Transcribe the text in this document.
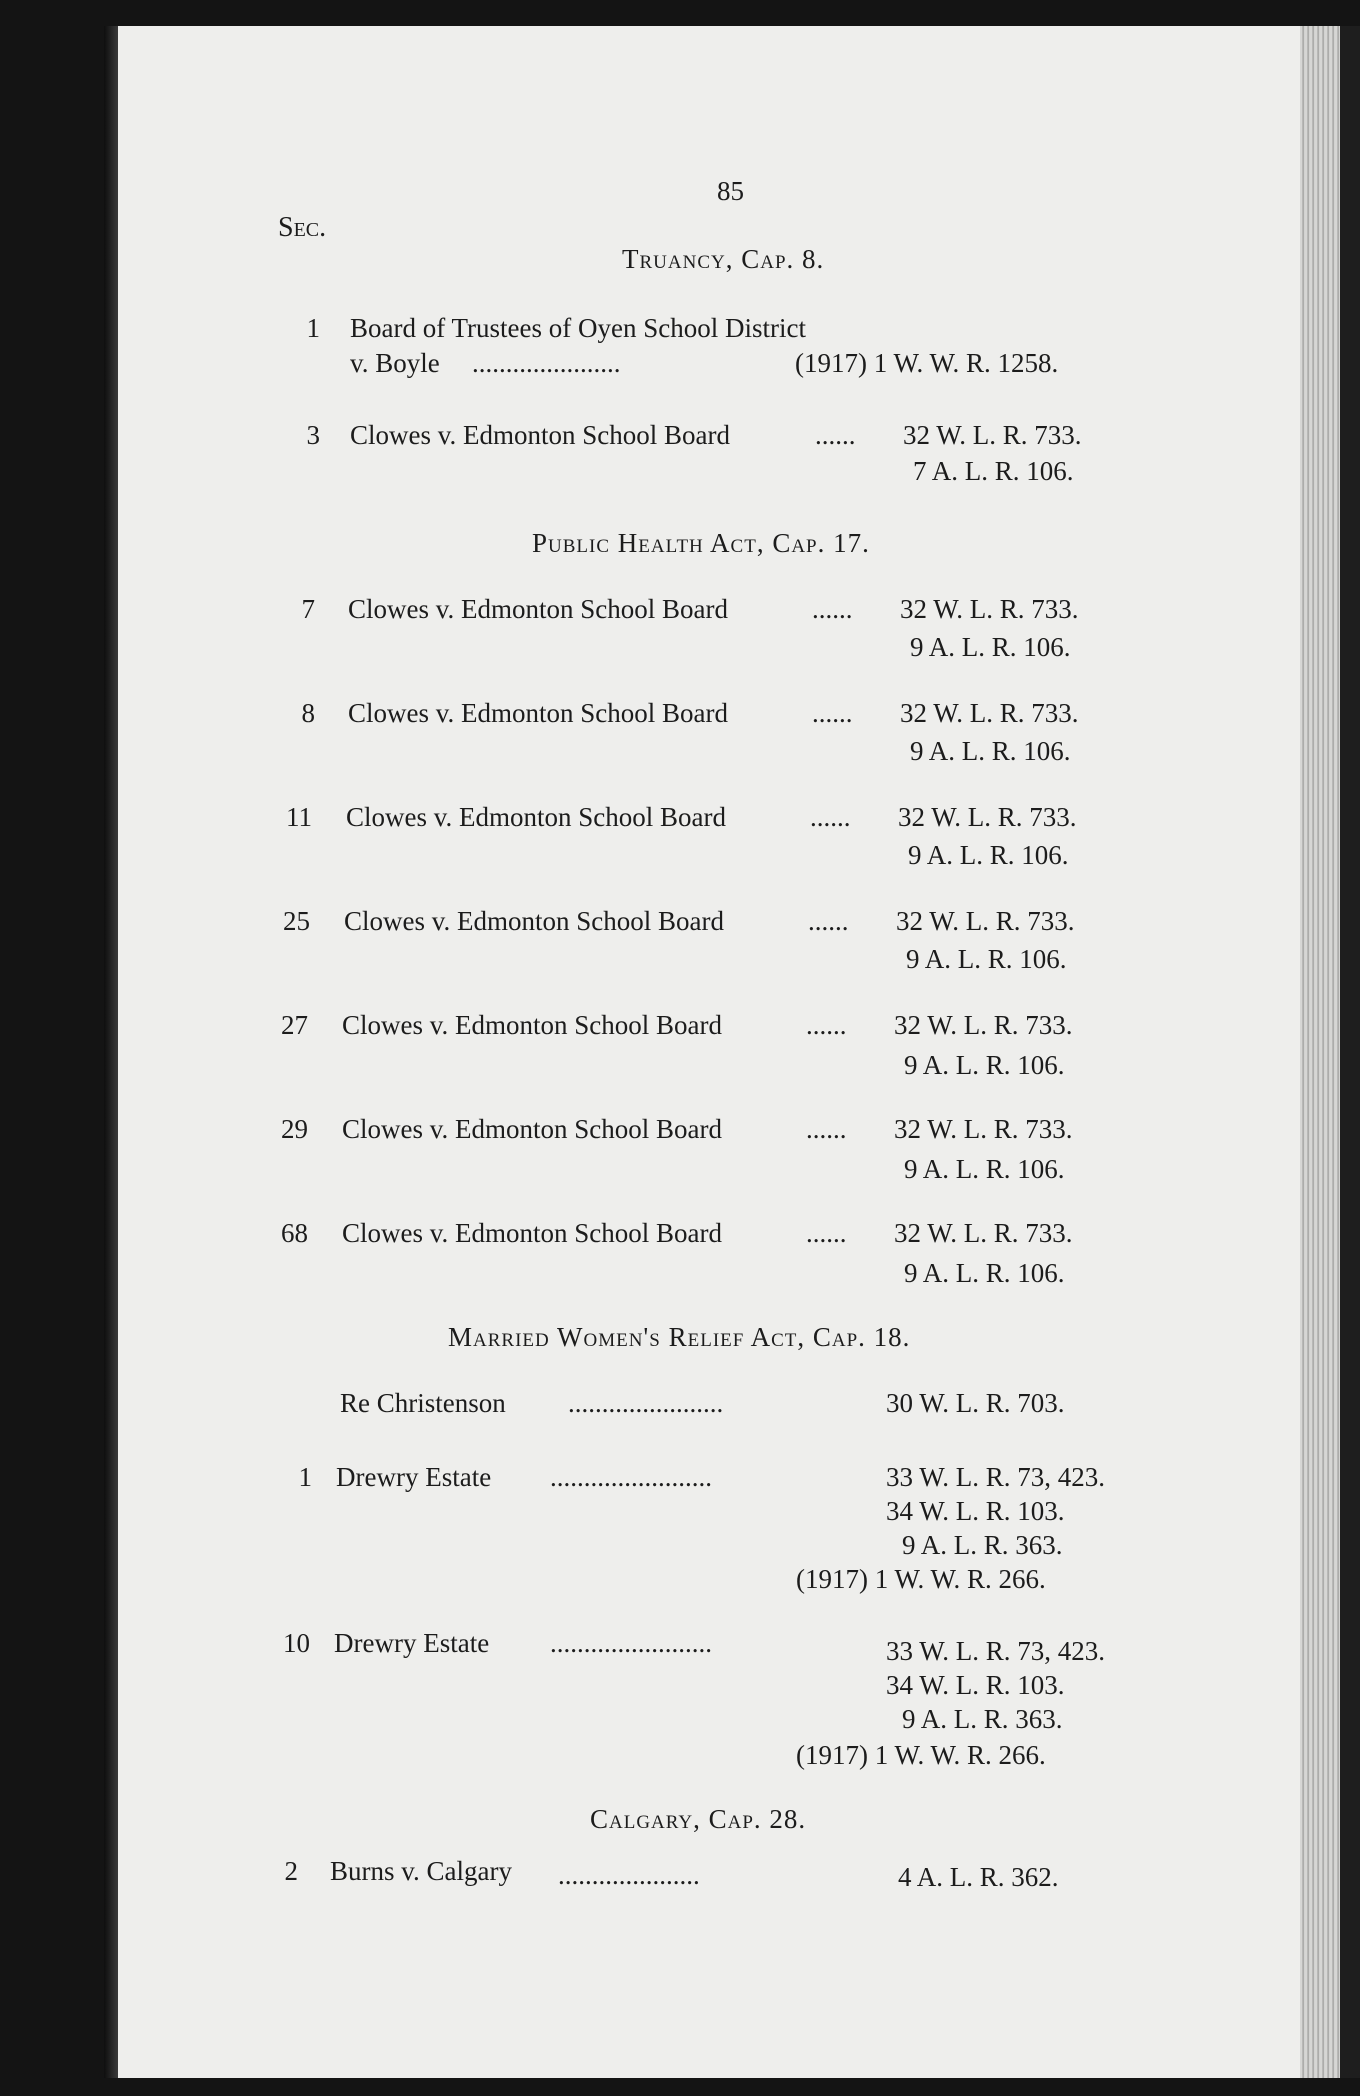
85
Sec.
Truancy, Cap. 8.
1 Board of Trustees of Oyen School District
v. Boyle ......................	(1917) 1 W. W. R. 1258.
3 Clowes v. Edmonton School Board	...... 32 W. L. R. 733.
7 A. L. R. 106.
Public Health Act, Cap. 17.
7 Clowes v. Edmonton School Board	...... 32 W. L. R. 733.
9 A. L. R. 106.
8 Clowes v. Edmonton School Board	...... 32 W. L. R. 733.
9 A. L. R. 106.
11 Clowes v. Edmonton School Board	...... 32 W. L. R. 733.
9 A. L. R. 106.
25 Clowes v. Edmonton School Board	...... 32 W. L. R. 733.
9 A. L. R. 106.
27 Clowes v. Edmonton School Board	...... 32 W. L. R. 733.
9 A. L. R. 106.
29 Clowes v. Edmonton School Board	...... 32 W. L. R. 733.
9 A. L. R. 106.
68 Clowes v. Edmonton School Board	...... 32 W. L. R. 733.
9 A. L. R. 106.
Married Women's Relief Act, Cap. 18.
Re Christenson .......................	30 W. L. R. 703.
1 Drewry Estate ........................	33 W. L. R. 73, 423.
34 W. L. R. 103.
9 A. L. R. 363.
(1917) 1 W. W. R. 266.
10 Drewry Estate ........................	33 W. L. R. 73, 423.
34 W. L. R. 103.
9 A. L. R. 363.
(1917) 1 W. W. R. 266.
Calgary, Cap. 28.
2 Burns v. Calgary .....................	4 A. L. R. 362.
